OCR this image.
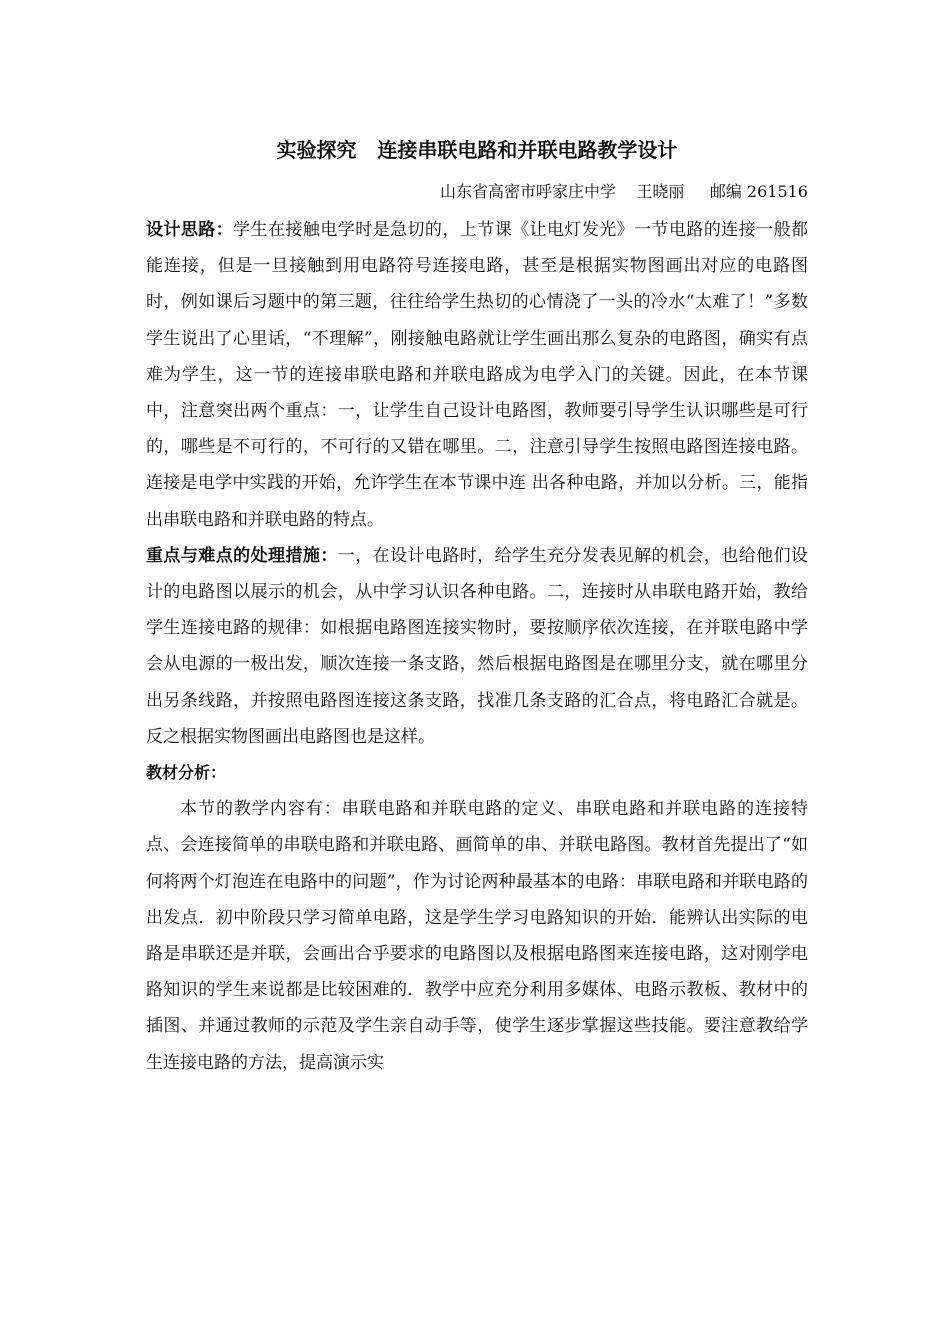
实验探究   连接串联电路和并联电路教学设计

山东省高密市呼家庄中学    王晓丽     邮编 261516

设计思路：学生在接触电学时是急切的，上节课《让电灯发光》一节电路的连接一般都能连接，但是一旦接触到用电路符号连接电路，甚至是根据实物图画出对应的电路图时，例如课后习题中的第三题，往往给学生热切的心情浇了一头的冷水“太难了！”多数学生说出了心里话，“不理解”，刚接触电路就让学生画出那么复杂的电路图，确实有点难为学生，这一节的连接串联电路和并联电路成为电学入门的关键。因此，在本节课中，注意突出两个重点：一，让学生自己设计电路图，教师要引导学生认识哪些是可行的，哪些是不可行的，不可行的又错在哪里。二，注意引导学生按照电路图连接电路。连接是电学中实践的开始，允许学生在本节课中连 出各种电路，并加以分析。三，能指出串联电路和并联电路的特点。

重点与难点的处理措施：一，在设计电路时，给学生充分发表见解的机会，也给他们设计的电路图以展示的机会，从中学习认识各种电路。二，连接时从串联电路开始，教给学生连接电路的规律：如根据电路图连接实物时，要按顺序依次连接，在并联电路中学会从电源的一极出发，顺次连接一条支路，然后根据电路图是在哪里分支，就在哪里分出另条线路，并按照电路图连接这条支路，找准几条支路的汇合点，将电路汇合就是。反之根据实物图画出电路图也是这样。

教材分析：

本节的教学内容有：串联电路和并联电路的定义、串联电路和并联电路的连接特点、会连接简单的串联电路和并联电路、画简单的串、并联电路图。教材首先提出了“如何将两个灯泡连在电路中的问题”，作为讨论两种最基本的电路：串联电路和并联电路的出发点．初中阶段只学习简单电路，这是学生学习电路知识的开始．能辨认出实际的电路是串联还是并联，会画出合乎要求的电路图以及根据电路图来连接电路，这对刚学电路知识的学生来说都是比较困难的．教学中应充分利用多媒体、电路示教板、教材中的插图、并通过教师的示范及学生亲自动手等，使学生逐步掌握这些技能。要注意教给学生连接电路的方法，提高演示实
